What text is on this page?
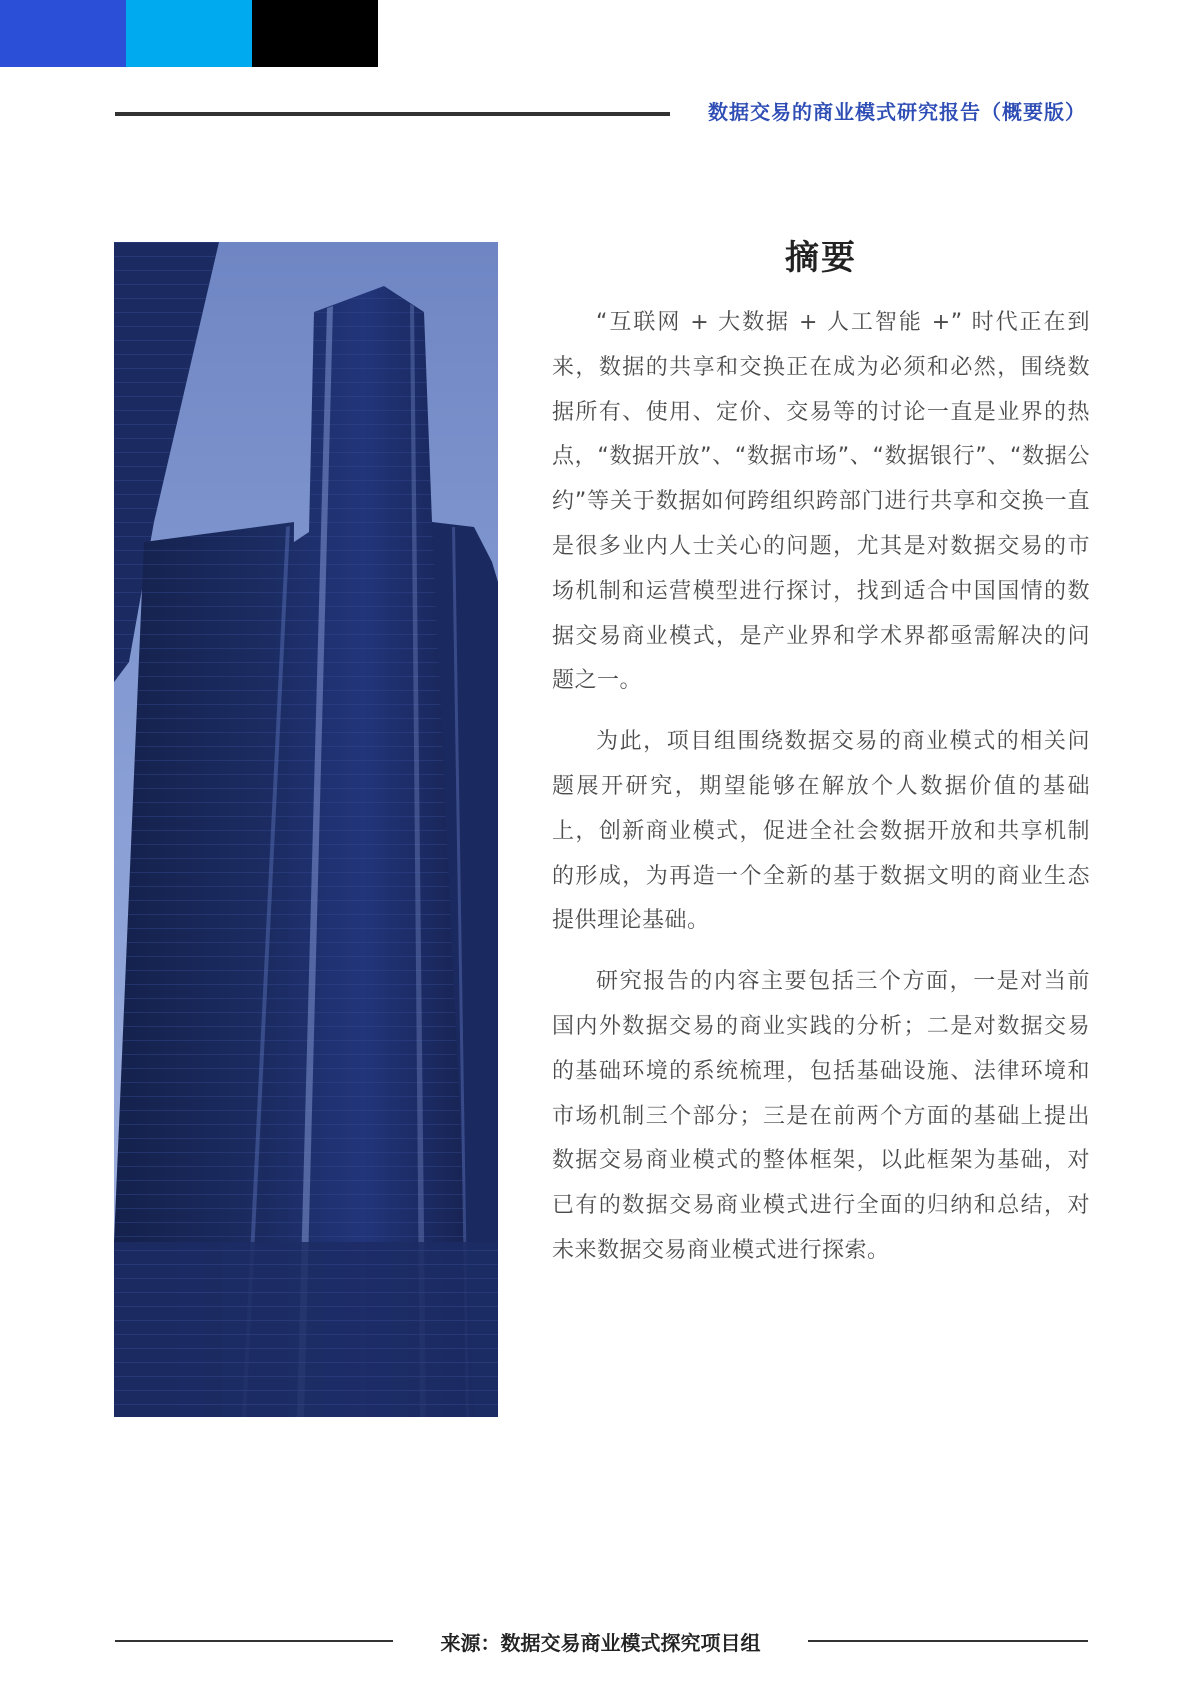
数据交易的商业模式研究报告（概要版）
摘要

“互联网 + 大数据 + 人工智能 +” 时代正在到来，数据的共享和交换正在成为必须和必然，围绕数据所有、使用、定价、交易等的讨论一直是业界的热点，“数据开放”、“数据市场”、“数据银行”、“数据公约”等关于数据如何跨组织跨部门进行共享和交换一直是很多业内人士关心的问题，尤其是对数据交易的市场机制和运营模型进行探讨，找到适合中国国情的数据交易商业模式，是产业界和学术界都亟需解决的问题之一。

为此，项目组围绕数据交易的商业模式的相关问题展开研究，期望能够在解放个人数据价值的基础上，创新商业模式，促进全社会数据开放和共享机制的形成，为再造一个全新的基于数据文明的商业生态提供理论基础。

研究报告的内容主要包括三个方面，一是对当前国内外数据交易的商业实践的分析；二是对数据交易的基础环境的系统梳理，包括基础设施、法律环境和市场机制三个部分；三是在前两个方面的基础上提出数据交易商业模式的整体框架，以此框架为基础，对已有的数据交易商业模式进行全面的归纳和总结，对未来数据交易商业模式进行探索。

来源：数据交易商业模式探究项目组
